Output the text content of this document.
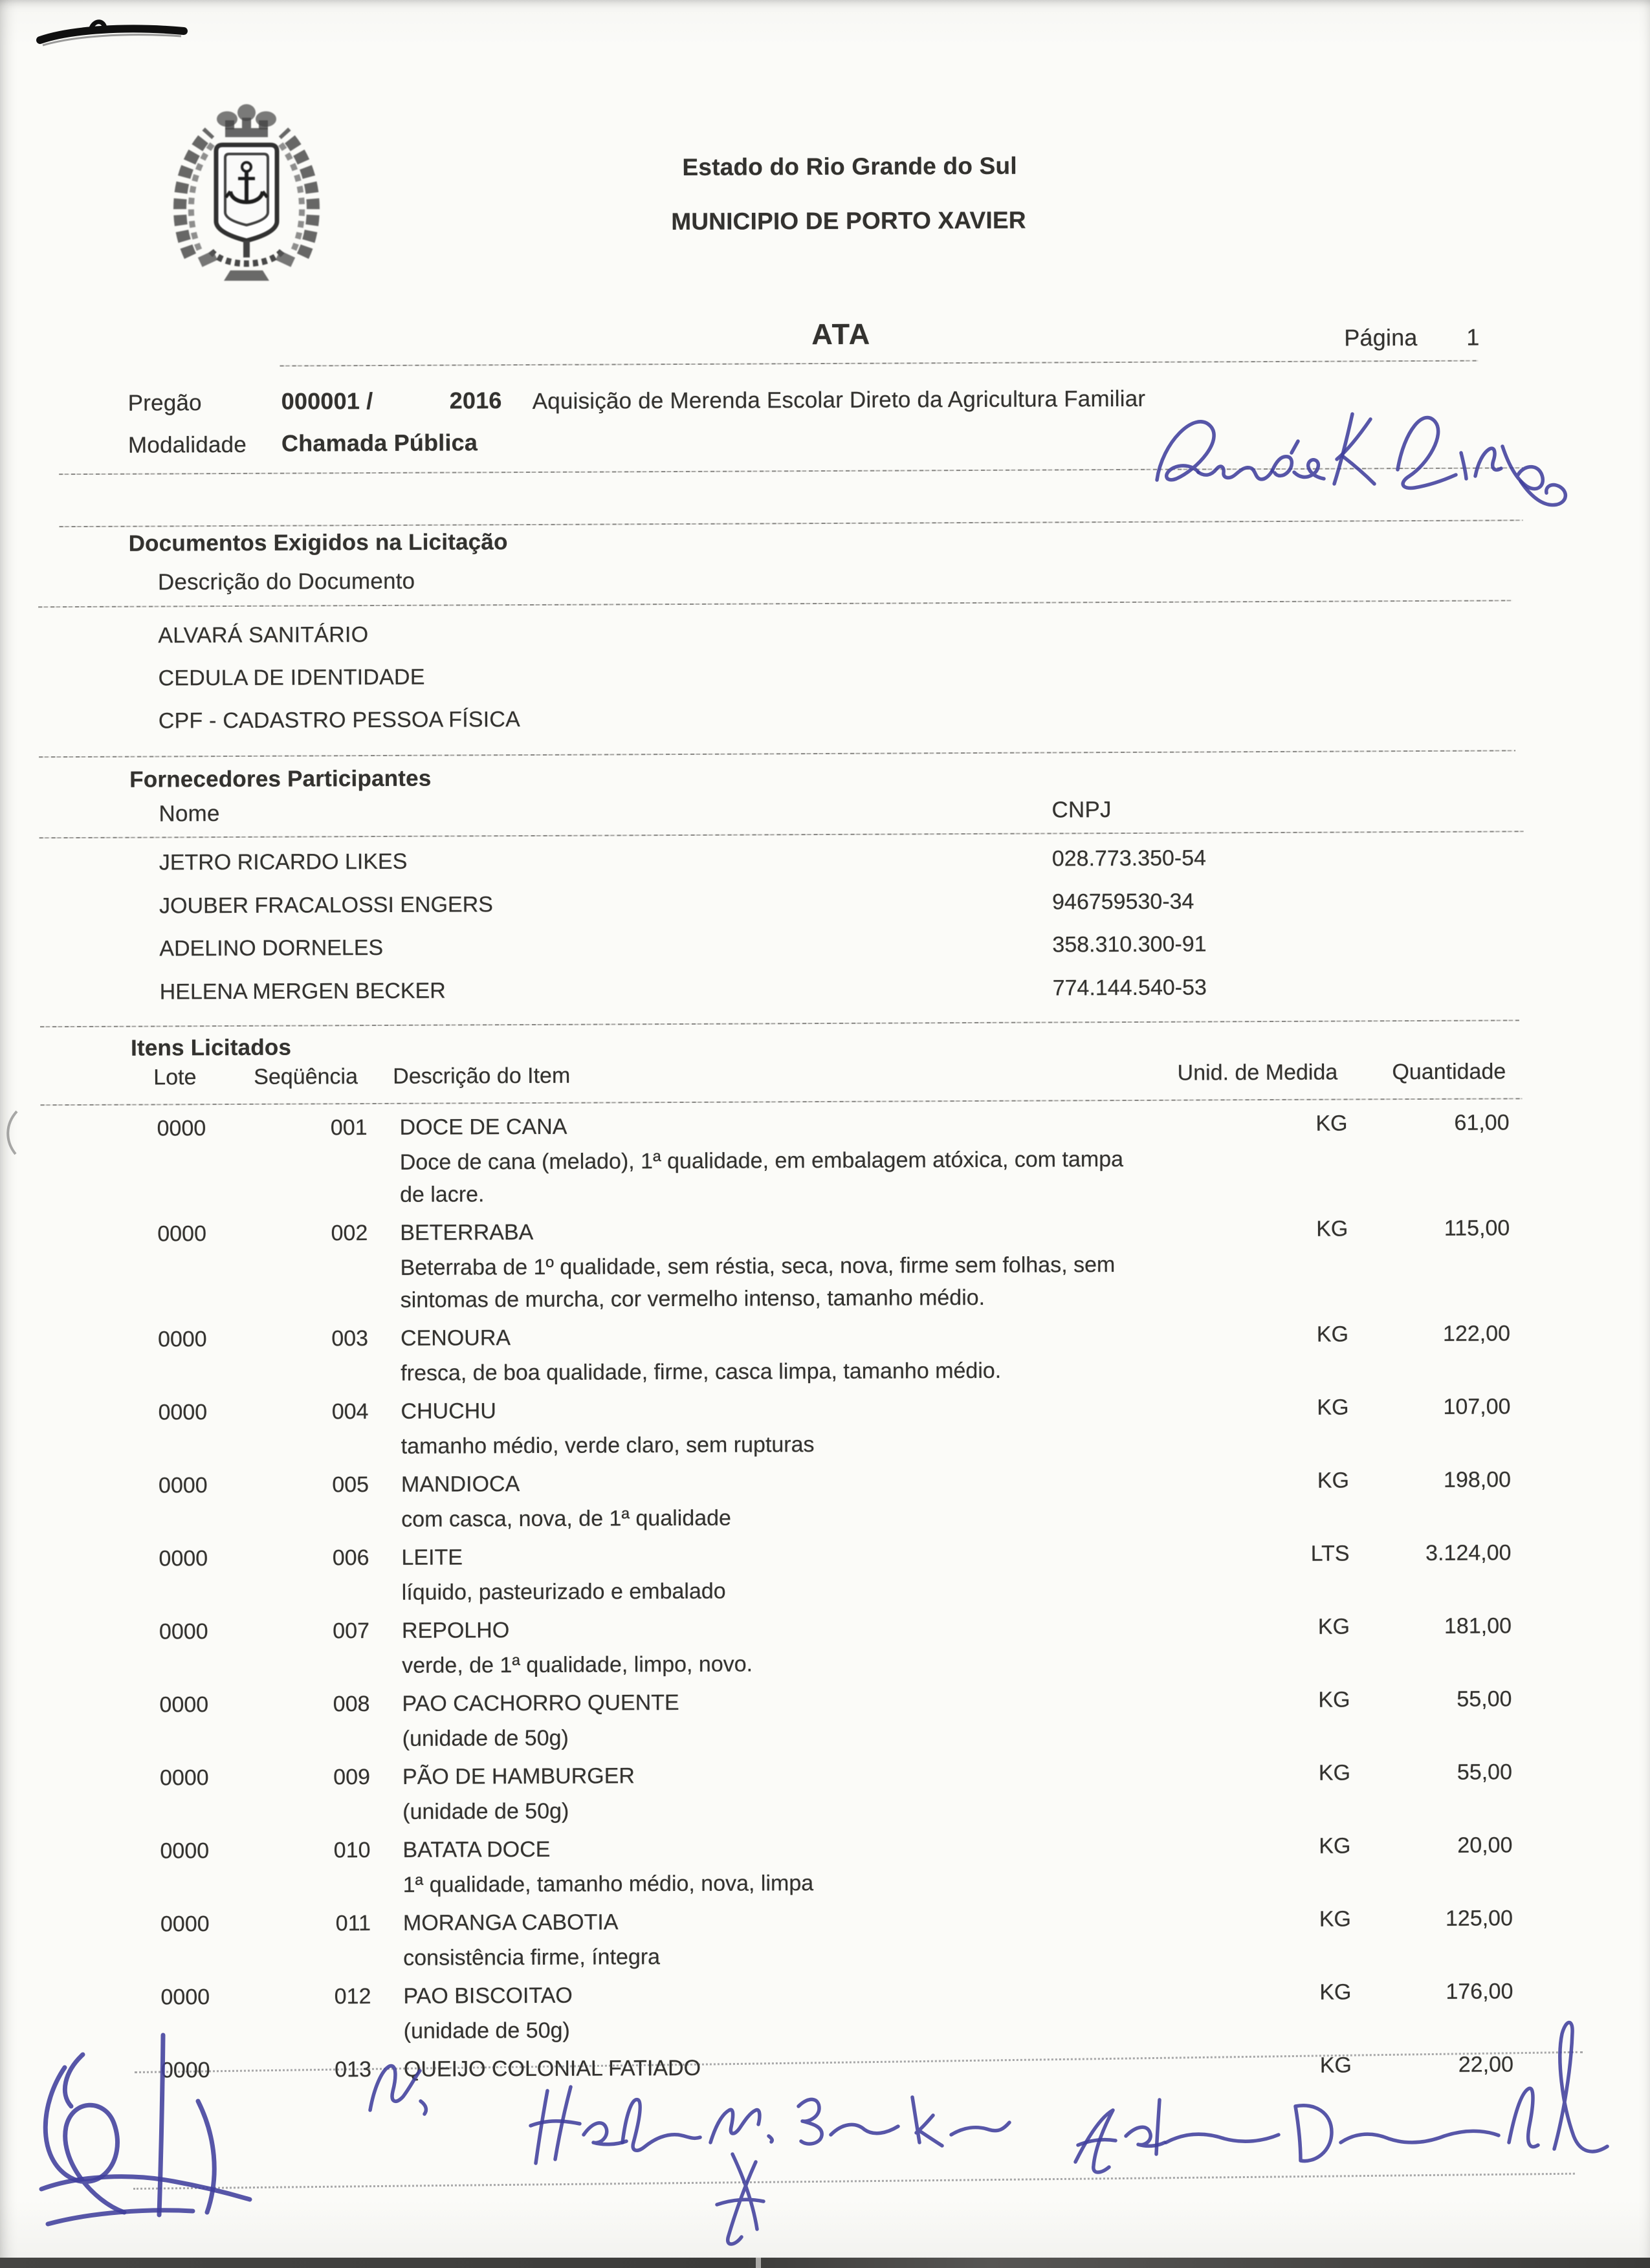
Estado do Rio Grande do Sul
MUNICIPIO DE PORTO XAVIER
ATA	Página 1
Pregão	000001 /	2016 Aquisição de Merenda Escolar Direto da Agricultura Familiar
Modalidade Chamada Pública
Documentos Exigidos na Licitação
Descrição do Documento
ALVARÁ SANITÁRIO
CEDULA DE IDENTIDADE
CPF - CADASTRO PESSOA FÍSICA
Fornecedores Participantes
Nome	CNPJ
JETRO RICARDO LIKES	028.773.350-54
JOUBER FRACALOSSI ENGERS	946759530-34
ADELINO DORNELES	358.310.300-91
HELENA MERGEN BECKER	774.144.540-53
Itens Licitados
Lote	Seqüência	Descrição do Item	Unid. de Medida	Quantidade
0000	001	DOCE DE CANA	KG	61,00
Doce de cana (melado), 1ª qualidade, em embalagem atóxica, com tampa de lacre.
0000	002	BETERRABA	KG	115,00
Beterraba de 1º qualidade, sem réstia, seca, nova, firme sem folhas, sem sintomas de murcha, cor vermelho intenso, tamanho médio.
0000	003	CENOURA	KG	122,00
fresca, de boa qualidade, firme, casca limpa, tamanho médio.
0000	004	CHUCHU	KG	107,00
tamanho médio, verde claro, sem rupturas
0000	005	MANDIOCA	KG	198,00
com casca, nova, de 1ª qualidade
0000	006	LEITE	LTS	3.124,00
líquido, pasteurizado e embalado
0000	007	REPOLHO	KG	181,00
verde, de 1ª qualidade, limpo, novo.
0000	008	PAO CACHORRO QUENTE	KG	55,00
(unidade de 50g)
0000	009	PÃO DE HAMBURGER	KG	55,00
(unidade de 50g)
0000	010	BATATA DOCE	KG	20,00
1ª qualidade, tamanho médio, nova, limpa
0000	011	MORANGA CABOTIA	KG	125,00
consistência firme, íntegra
0000	012	PAO BISCOITAO	KG	176,00
(unidade de 50g)
0000	013	QUEIJO COLONIAL FATIADO	KG	22,00
